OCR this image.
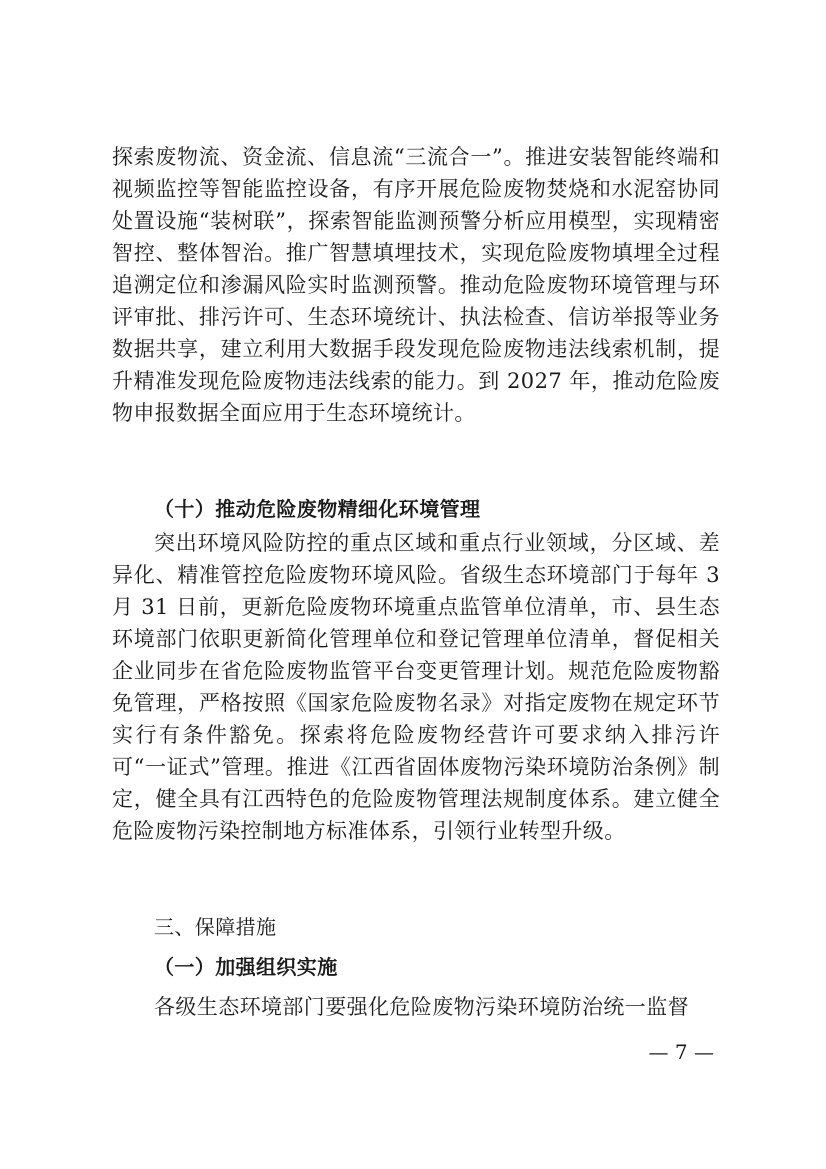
探索废物流、资金流、信息流“三流合一”。推进安装智能终端和视频监控等智能监控设备，有序开展危险废物焚烧和水泥窑协同处置设施“装树联”，探索智能监测预警分析应用模型，实现精密智控、整体智治。推广智慧填埋技术，实现危险废物填埋全过程追溯定位和渗漏风险实时监测预警。推动危险废物环境管理与环评审批、排污许可、生态环境统计、执法检查、信访举报等业务数据共享，建立利用大数据手段发现危险废物违法线索机制，提升精准发现危险废物违法线索的能力。到 2027 年，推动危险废物申报数据全面应用于生态环境统计。

（十）推动危险废物精细化环境管理

突出环境风险防控的重点区域和重点行业领域，分区域、差异化、精准管控危险废物环境风险。省级生态环境部门于每年 3 月 31 日前，更新危险废物环境重点监管单位清单，市、县生态环境部门依职更新简化管理单位和登记管理单位清单，督促相关企业同步在省危险废物监管平台变更管理计划。规范危险废物豁免管理，严格按照《国家危险废物名录》对指定废物在规定环节实行有条件豁免。探索将危险废物经营许可要求纳入排污许可“一证式”管理。推进《江西省固体废物污染环境防治条例》制定，健全具有江西特色的危险废物管理法规制度体系。建立健全危险废物污染控制地方标准体系，引领行业转型升级。

三、保障措施

（一）加强组织实施

各级生态环境部门要强化危险废物污染环境防治统一监督

— 7 —
